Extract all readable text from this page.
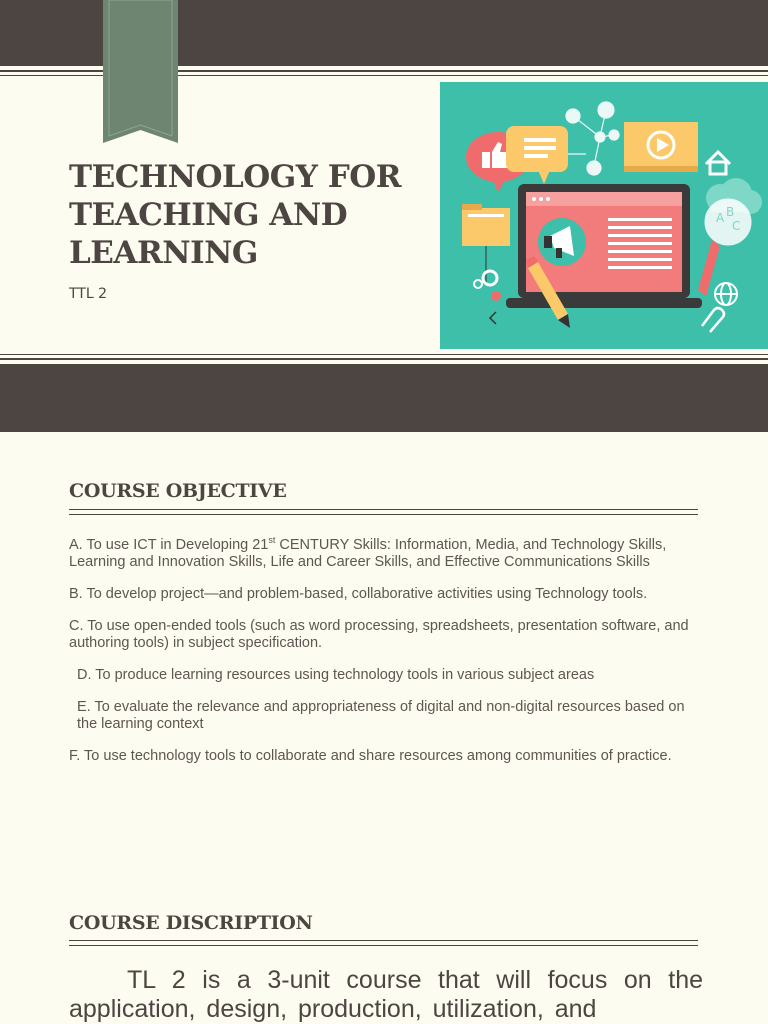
TECHNOLOGY FOR TEACHING AND LEARNING

TTL 2

A B
C
COURSE OBJECTIVE

A. To use ICT in Developing 21st CENTURY Skills: Information, Media, and Technology Skills, Learning and Innovation Skills, Life and Career Skills, and Effective Communications Skills

B. To develop project—and problem-based, collaborative activities using Technology tools.

C. To use open-ended tools (such as word processing, spreadsheets, presentation software, and authoring tools) in subject specification.

D. To produce learning resources using technology tools in various subject areas

E. To evaluate the relevance and appropriateness of digital and non-digital resources based on the learning context

F. To use technology tools to collaborate and share resources among communities of practice.

COURSE DISCRIPTION

TL 2 is a 3-unit course that will focus on the application, design, production, utilization, and
